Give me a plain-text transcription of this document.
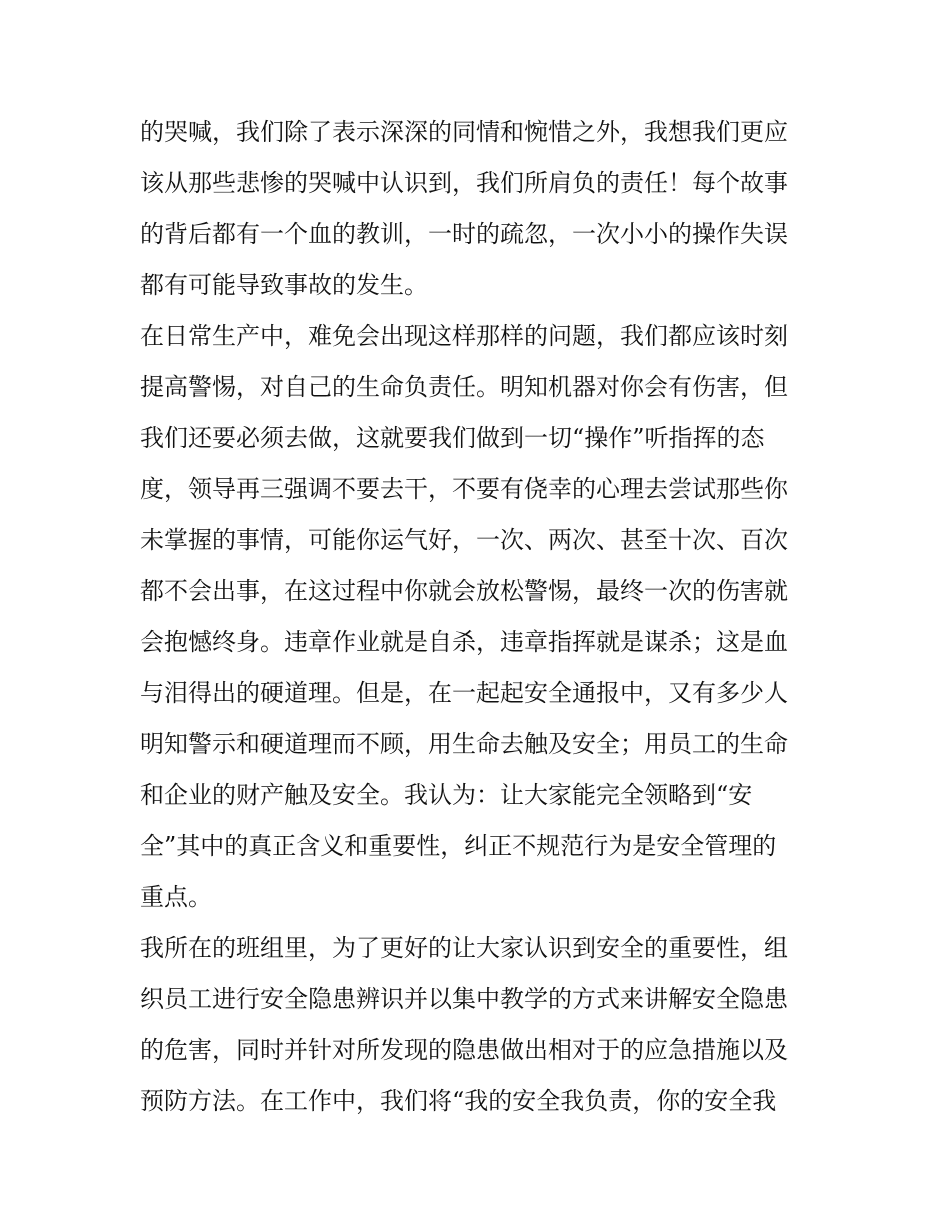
的哭喊，我们除了表示深深的同情和惋惜之外，我想我们更应
该从那些悲惨的哭喊中认识到，我们所肩负的责任！每个故事
的背后都有一个血的教训，一时的疏忽，一次小小的操作失误
都有可能导致事故的发生。
在日常生产中，难免会出现这样那样的问题，我们都应该时刻
提高警惕，对自己的生命负责任。明知机器对你会有伤害，但
我们还要必须去做，这就要我们做到一切“操作”听指挥的态
度，领导再三强调不要去干，不要有侥幸的心理去尝试那些你
未掌握的事情，可能你运气好，一次、两次、甚至十次、百次
都不会出事，在这过程中你就会放松警惕，最终一次的伤害就
会抱憾终身。违章作业就是自杀，违章指挥就是谋杀；这是血
与泪得出的硬道理。但是，在一起起安全通报中，又有多少人
明知警示和硬道理而不顾，用生命去触及安全；用员工的生命
和企业的财产触及安全。我认为：让大家能完全领略到“安
全”其中的真正含义和重要性，纠正不规范行为是安全管理的
重点。
我所在的班组里，为了更好的让大家认识到安全的重要性，组
织员工进行安全隐患辨识并以集中教学的方式来讲解安全隐患
的危害，同时并针对所发现的隐患做出相对于的应急措施以及
预防方法。在工作中，我们将“我的安全我负责，你的安全我
